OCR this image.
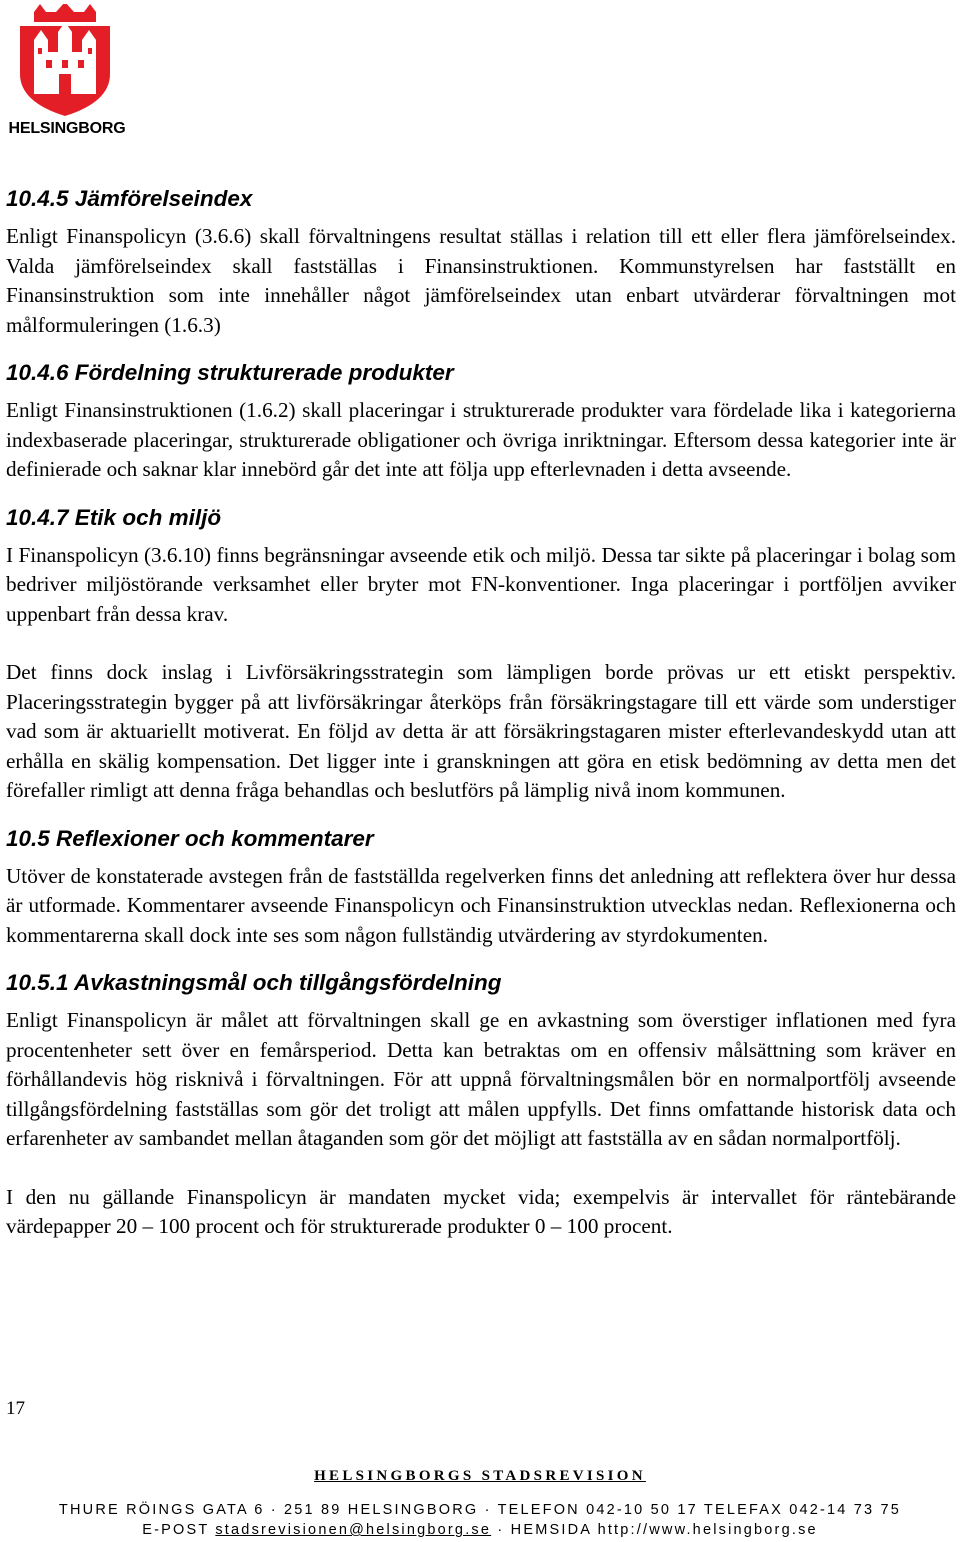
HELSINGBORG
10.4.5 Jämförelseindex

Enligt Finanspolicyn (3.6.6) skall förvaltningens resultat ställas i relation till ett eller flera jämförelseindex. Valda jämförelseindex skall fastställas i Finansinstruktionen. Kommunstyrelsen har fastställt en Finansinstruktion som inte innehåller något jämförelseindex utan enbart utvärderar förvaltningen mot målformuleringen (1.6.3)

10.4.6 Fördelning strukturerade produkter

Enligt Finansinstruktionen (1.6.2) skall placeringar i strukturerade produkter vara fördelade lika i kategorierna indexbaserade placeringar, strukturerade obligationer och övriga inriktningar. Eftersom dessa kategorier inte är definierade och saknar klar innebörd går det inte att följa upp efterlevnaden i detta avseende.

10.4.7 Etik och miljö

I Finanspolicyn (3.6.10) finns begränsningar avseende etik och miljö. Dessa tar sikte på placeringar i bolag som bedriver miljöstörande verksamhet eller bryter mot FN-konventioner. Inga placeringar i portföljen avviker uppenbart från dessa krav.

Det finns dock inslag i Livförsäkringsstrategin som lämpligen borde prövas ur ett etiskt perspektiv. Placeringsstrategin bygger på att livförsäkringar återköps från försäkringstagare till ett värde som understiger vad som är aktuariellt motiverat. En följd av detta är att försäkringstagaren mister efterlevandeskydd utan att erhålla en skälig kompensation. Det ligger inte i granskningen att göra en etisk bedömning av detta men det förefaller rimligt att denna fråga behandlas och beslutförs på lämplig nivå inom kommunen.

10.5 Reflexioner och kommentarer

Utöver de konstaterade avstegen från de fastställda regelverken finns det anledning att reflektera över hur dessa är utformade. Kommentarer avseende Finanspolicyn och Finansinstruktion utvecklas nedan. Reflexionerna och kommentarerna skall dock inte ses som någon fullständig utvärdering av styrdokumenten.

10.5.1 Avkastningsmål och tillgångsfördelning

Enligt Finanspolicyn är målet att förvaltningen skall ge en avkastning som överstiger inflationen med fyra procentenheter sett över en femårsperiod. Detta kan betraktas om en offensiv målsättning som kräver en förhållandevis hög risknivå i förvaltningen. För att uppnå förvaltningsmålen bör en normalportfölj avseende tillgångsfördelning fastställas som gör det troligt att målen uppfylls. Det finns omfattande historisk data och erfarenheter av sambandet mellan åtaganden som gör det möjligt att fastställa av en sådan normalportfölj.

I den nu gällande Finanspolicyn är mandaten mycket vida; exempelvis är intervallet för räntebärande värdepapper 20 – 100 procent och för strukturerade produkter 0 – 100 procent.

17
HELSINGBORGS STADSREVISION
THURE RÖINGS GATA 6 · 251 89 HELSINGBORG · TELEFON 042-10 50 17 TELEFAX 042-14 73 75
E-POST stadsrevisionen@helsingborg.se · HEMSIDA http://www.helsingborg.se
